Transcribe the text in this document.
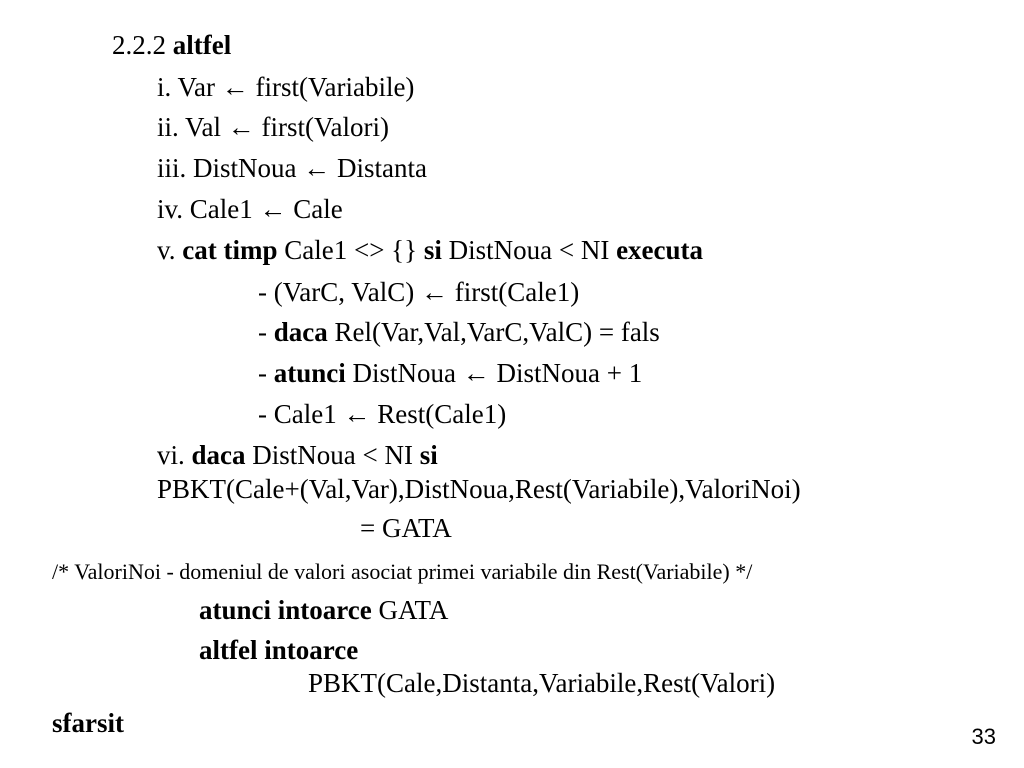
2.2.2 altfel
i. Var ← first(Variabile)
ii. Val ← first(Valori)
iii. DistNoua ← Distanta
iv. Cale1 ← Cale
v. cat timp Cale1 <> {} si DistNoua < NI executa
- (VarC, ValC) ← first(Cale1)
- daca Rel(Var,Val,VarC,ValC) = fals
- atunci DistNoua ← DistNoua + 1
- Cale1 ← Rest(Cale1)
vi. daca DistNoua < NI si
PBKT(Cale+(Val,Var),DistNoua,Rest(Variabile),ValoriNoi)
= GATA
/* ValoriNoi - domeniul de valori asociat primei variabile din Rest(Variabile) */
atunci intoarce GATA
altfel intoarce
PBKT(Cale,Distanta,Variabile,Rest(Valori)
sfarsit	33
